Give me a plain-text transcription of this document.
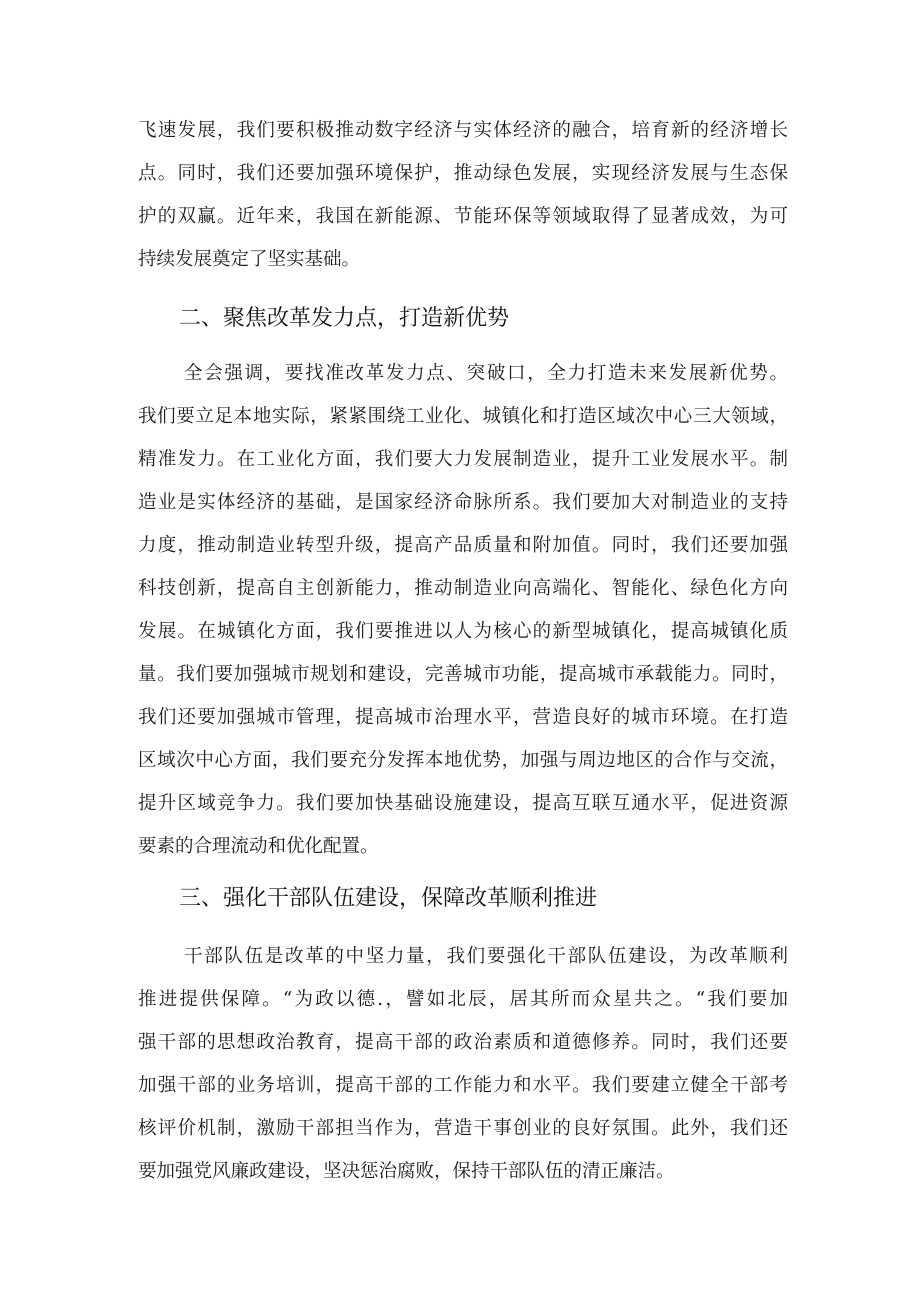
飞速发展，我们要积极推动数字经济与实体经济的融合，培育新的经济增长

点。同时，我们还要加强环境保护，推动绿色发展，实现经济发展与生态保

护的双赢。近年来，我国在新能源、节能环保等领域取得了显著成效，为可

持续发展奠定了坚实基础。

二、聚焦改革发力点，打造新优势

全会强调，要找准改革发力点、突破口，全力打造未来发展新优势。

我们要立足本地实际，紧紧围绕工业化、城镇化和打造区域次中心三大领域，

精准发力。在工业化方面，我们要大力发展制造业，提升工业发展水平。制

造业是实体经济的基础，是国家经济命脉所系。我们要加大对制造业的支持

力度，推动制造业转型升级，提高产品质量和附加值。同时，我们还要加强

科技创新，提高自主创新能力，推动制造业向高端化、智能化、绿色化方向

发展。在城镇化方面，我们要推进以人为核心的新型城镇化，提高城镇化质

量。我们要加强城市规划和建设，完善城市功能，提高城市承载能力。同时，

我们还要加强城市管理，提高城市治理水平，营造良好的城市环境。在打造

区域次中心方面，我们要充分发挥本地优势，加强与周边地区的合作与交流，

提升区域竞争力。我们要加快基础设施建设，提高互联互通水平，促进资源

要素的合理流动和优化配置。

三、强化干部队伍建设，保障改革顺利推进

干部队伍是改革的中坚力量，我们要强化干部队伍建设，为改革顺利

推进提供保障。“为政以德.，譬如北辰，居其所而众星共之。“我们要加

强干部的思想政治教育，提高干部的政治素质和道德修养。同时，我们还要

加强干部的业务培训，提高干部的工作能力和水平。我们要建立健全干部考

核评价机制，激励干部担当作为，营造干事创业的良好氛围。此外，我们还

要加强党风廉政建设，坚决惩治腐败，保持干部队伍的清正廉洁。
